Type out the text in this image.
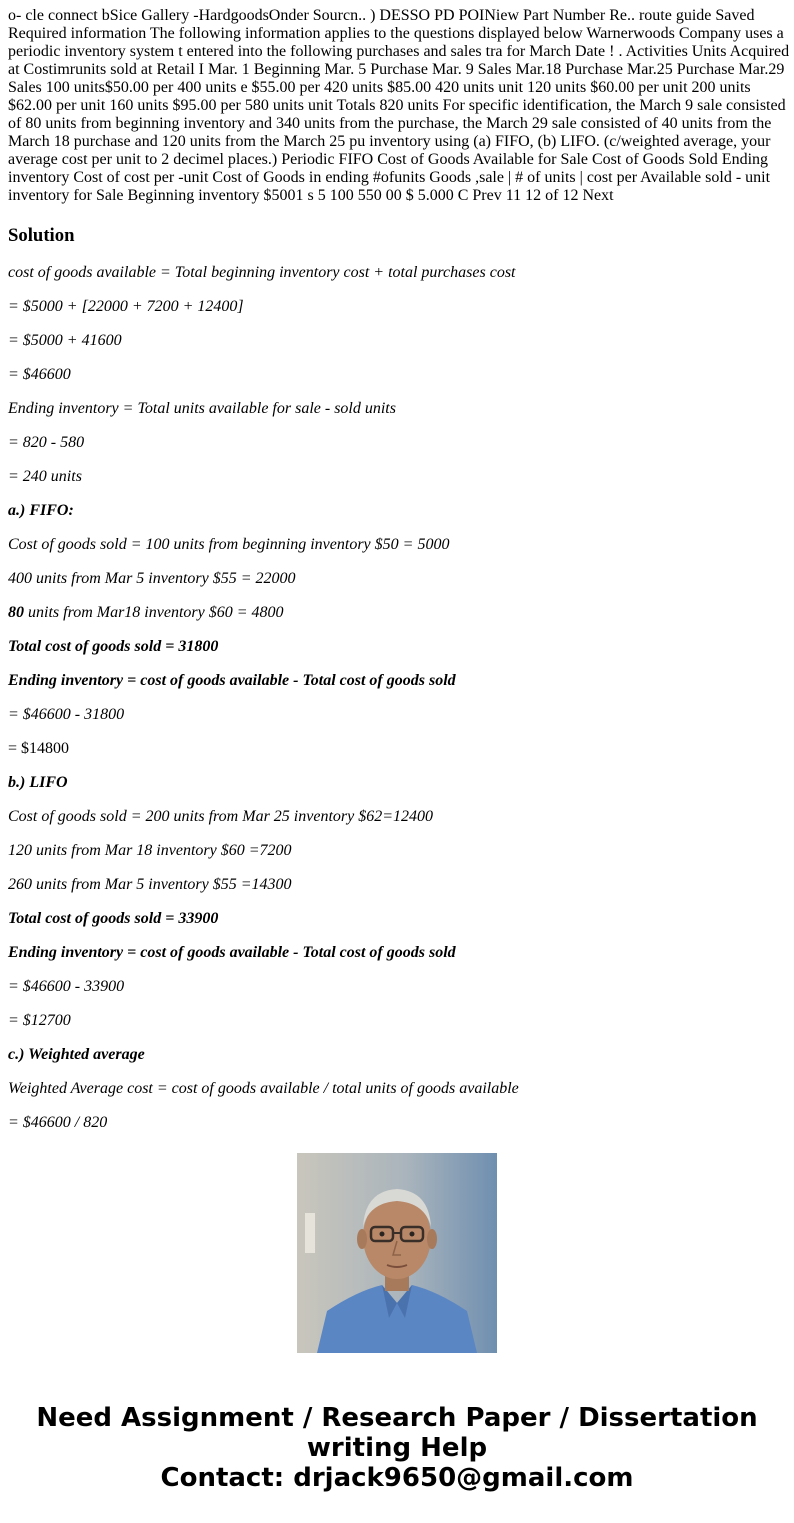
o- cle connect bSice Gallery -HardgoodsOnder Sourcn.. ) DESSO PD POINiew Part Number Re.. route guide Saved Required information The following information applies to the questions displayed below Warnerwoods Company uses a periodic inventory system t entered into the following purchases and sales tra for March Date ! . Activities Units Acquired at Costimrunits sold at Retail I Mar. 1 Beginning Mar. 5 Purchase Mar. 9 Sales Mar.18 Purchase Mar.25 Purchase Mar.29 Sales 100 units$50.00 per 400 units e $55.00 per 420 units $85.00 420 units unit 120 units $60.00 per unit 200 units $62.00 per unit 160 units $95.00 per 580 units unit Totals 820 units For specific identification, the March 9 sale consisted of 80 units from beginning inventory and 340 units from the purchase, the March 29 sale consisted of 40 units from the March 18 purchase and 120 units from the March 25 pu inventory using (a) FIFO, (b) LIFO. (c/weighted average, your average cost per unit to 2 decimel places.) Periodic FIFO Cost of Goods Available for Sale Cost of Goods Sold Ending inventory Cost of cost per -unit Cost of Goods in ending #ofunits Goods ,sale | # of units | cost per Available sold - unit inventory for Sale Beginning inventory $5001 s 5 100 550 00 $ 5.000 C Prev 11 12 of 12 Next

Solution

cost of goods available = Total beginning inventory cost + total purchases cost

= $5000 + [22000 + 7200 + 12400]

= $5000 + 41600

= $46600

Ending inventory = Total units available for sale - sold units

= 820 - 580

= 240 units

a.) FIFO:

Cost of goods sold = 100 units from beginning inventory $50 = 5000

400 units from Mar 5 inventory $55 = 22000

80 units from Mar18 inventory $60 = 4800

Total cost of goods sold = 31800

Ending inventory = cost of goods available - Total cost of goods sold

= $46600 - 31800

= $14800

b.) LIFO

Cost of goods sold = 200 units from Mar 25 inventory $62=12400

120 units from Mar 18 inventory $60 =7200

260 units from Mar 5 inventory $55 =14300

Total cost of goods sold = 33900

Ending inventory = cost of goods available - Total cost of goods sold

= $46600 - 33900

= $12700

c.) Weighted average

Weighted Average cost = cost of goods available / total units of goods available

= $46600 / 820

Need Assignment / Research Paper / Dissertation
writing Help
Contact: drjack9650@gmail.com
